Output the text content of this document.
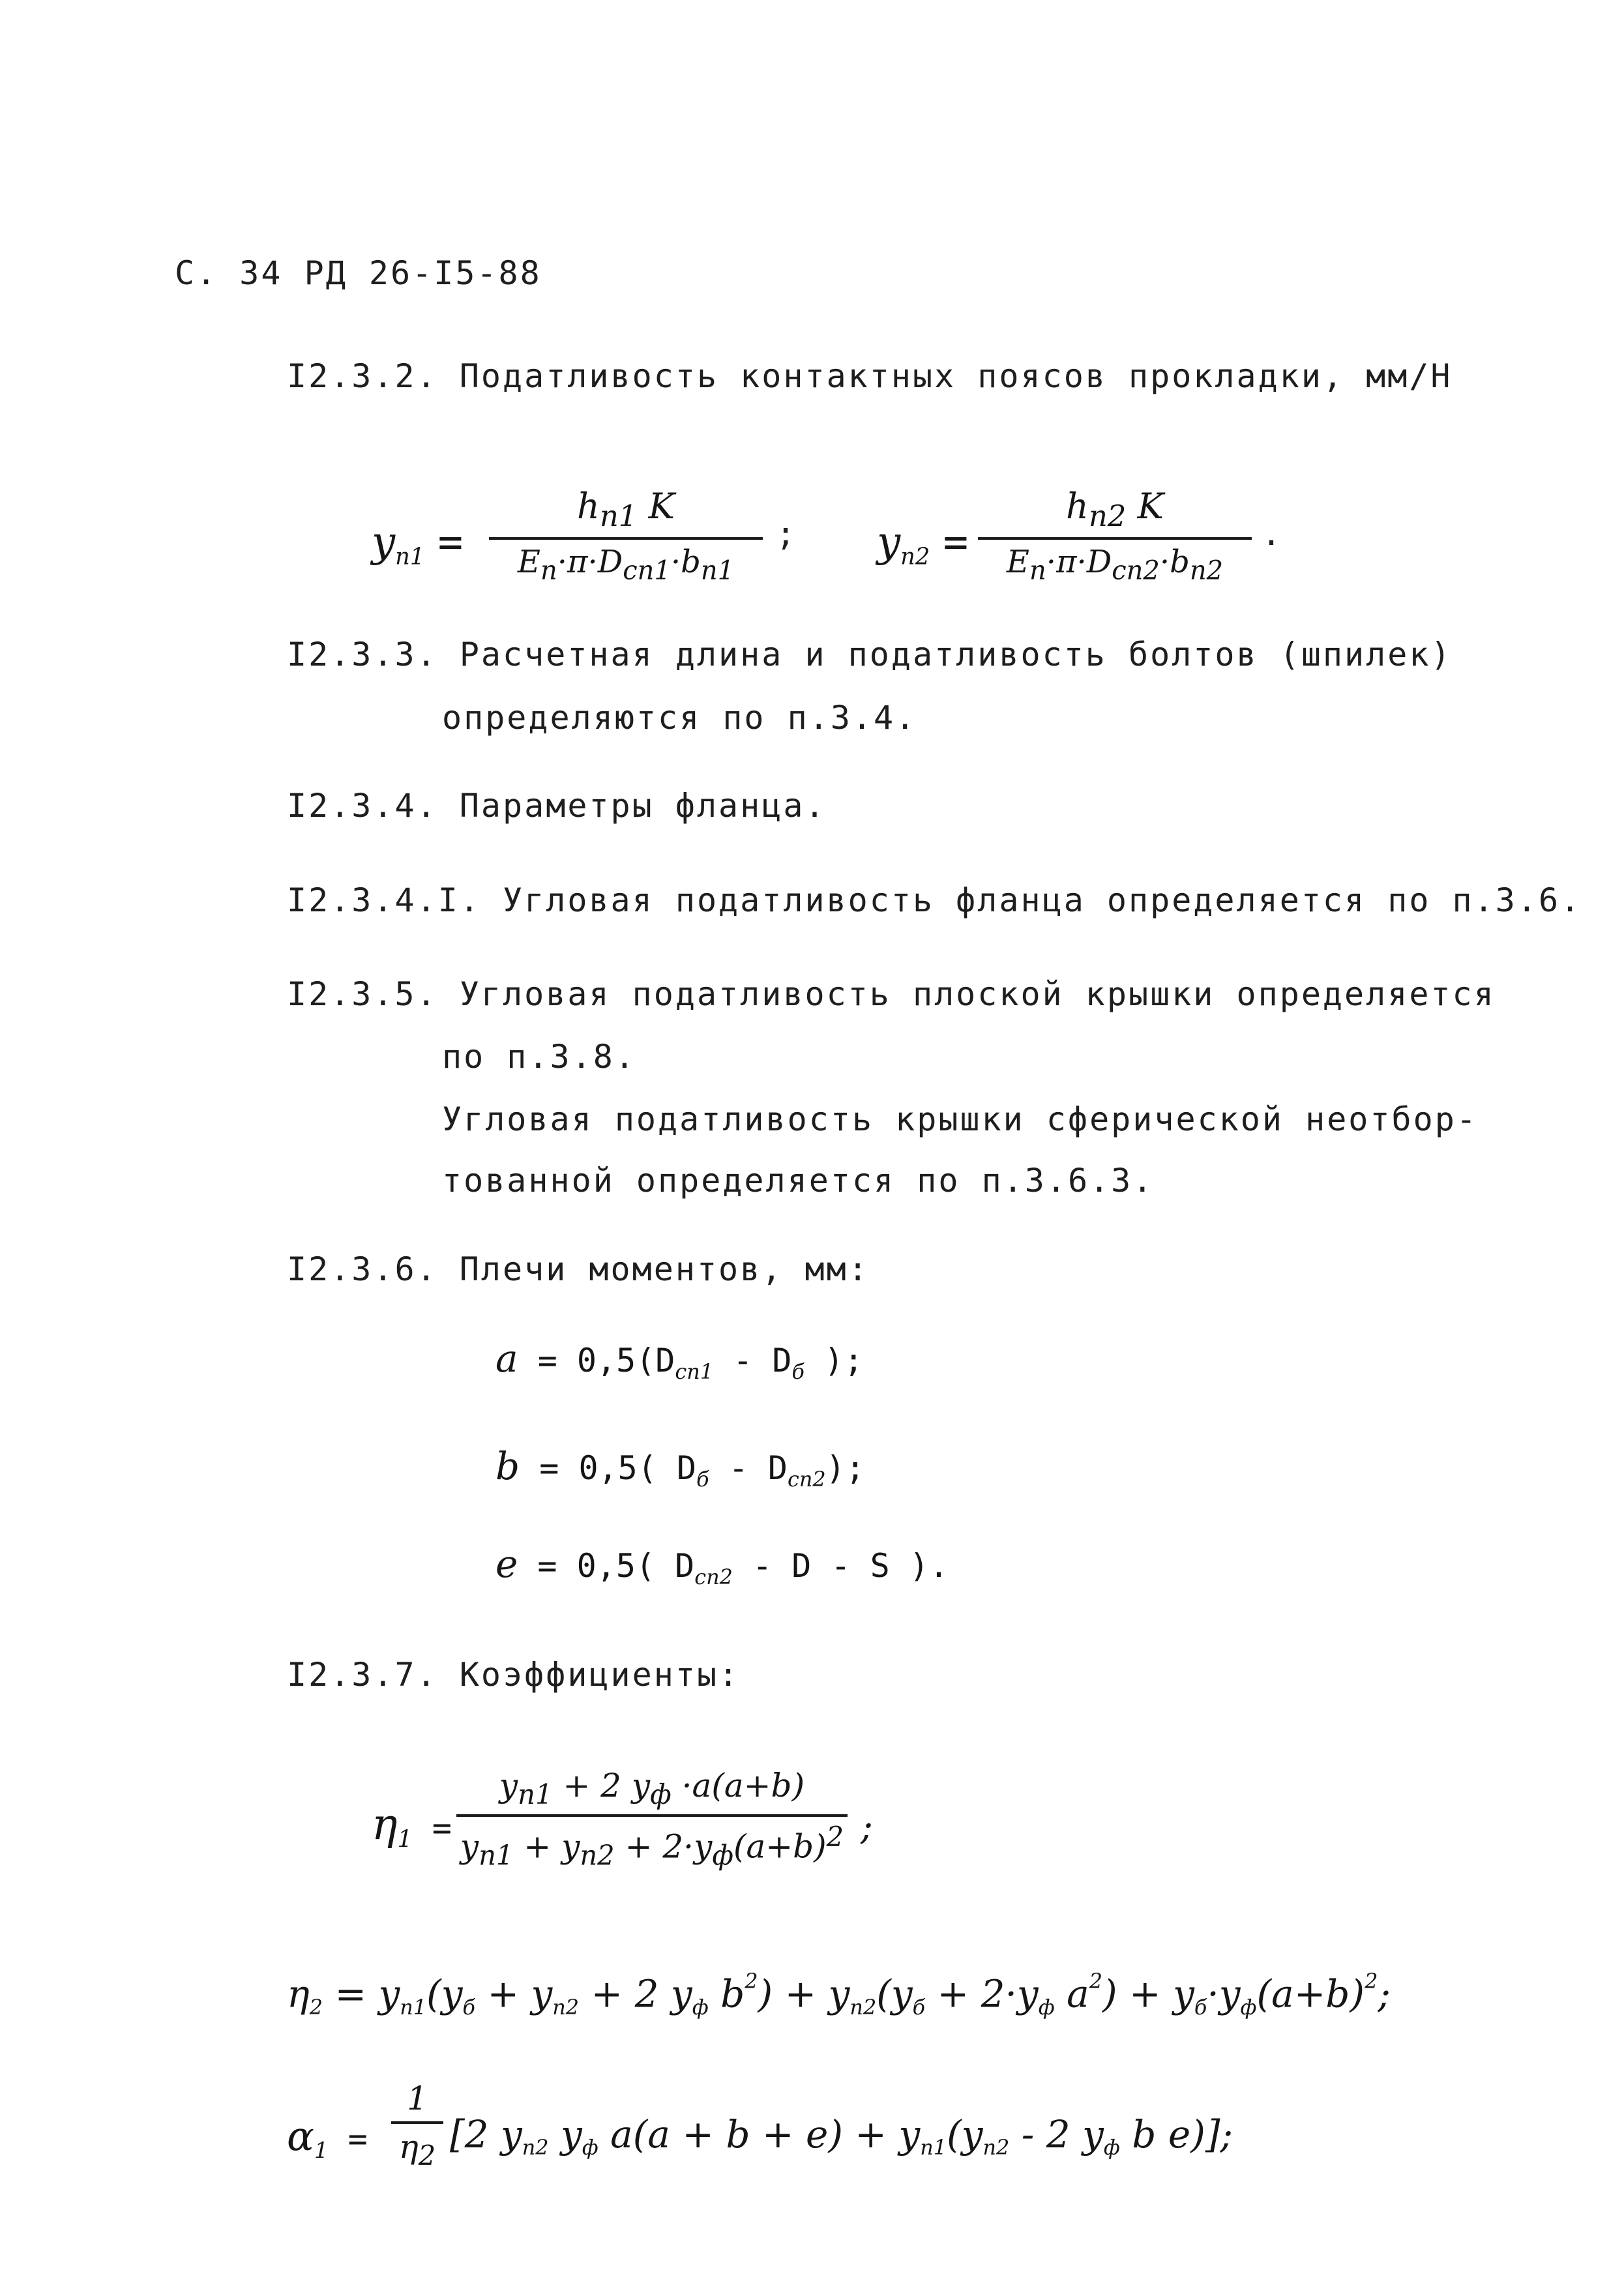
С. 34 РД 26-I5-88
I2.3.2. Податливость контактных поясов прокладки, мм/Н
$y_{п1}$ =
$h_{п1}$ K
$E_п\cdot\pi\cdot D_{сп1}\cdot b_{п1}$
; $y_{п2}$ =
$h_{п2}$ K
$E_п\cdot\pi\cdot D_{сп2}\cdot b_{п2}$
.
I2.3.3. Расчетная длина и податливость болтов (шпилек)
определяются по п.3.4.
I2.3.4. Параметры фланца.
I2.3.4.I. Угловая податливость фланца определяется по п.3.6.
I2.3.5. Угловая податливость плоской крышки определяется
по п.3.8.
Угловая податливость крышки сферической неотбор-
тованной определяется по п.3.6.3.
I2.3.6. Плечи моментов, мм:
$a = 0,5(D_{сп1} - D_б$ );
b = 0,5( $D_б - D_{сп2}$);
e = 0,5( $D_{сп2}$ - D - S ).
I2.3.7. Коэффициенты:
$\eta_1$ =
$y_{п1} + 2$ $y_ф \cdot a(a+b)$
$y_{п1} + y_{п2} + 2\cdot y_ф(a+b)^2$ ;
$\eta_2 = y_{п1}(y_б + y_{п2} + 2$ $y_ф$ $b^2) + y_{п2}(y_б + 2\cdot y_ф$ $a^2) + y_б\cdot y_ф(a+b)^2$;
$\alpha_1$ =
1
$\eta_2$ [2 $y_{п2}$ $y_ф$ $a(a + b + e) + y_{п1}(y_{п2} - 2$ $y_ф$ b e)];
